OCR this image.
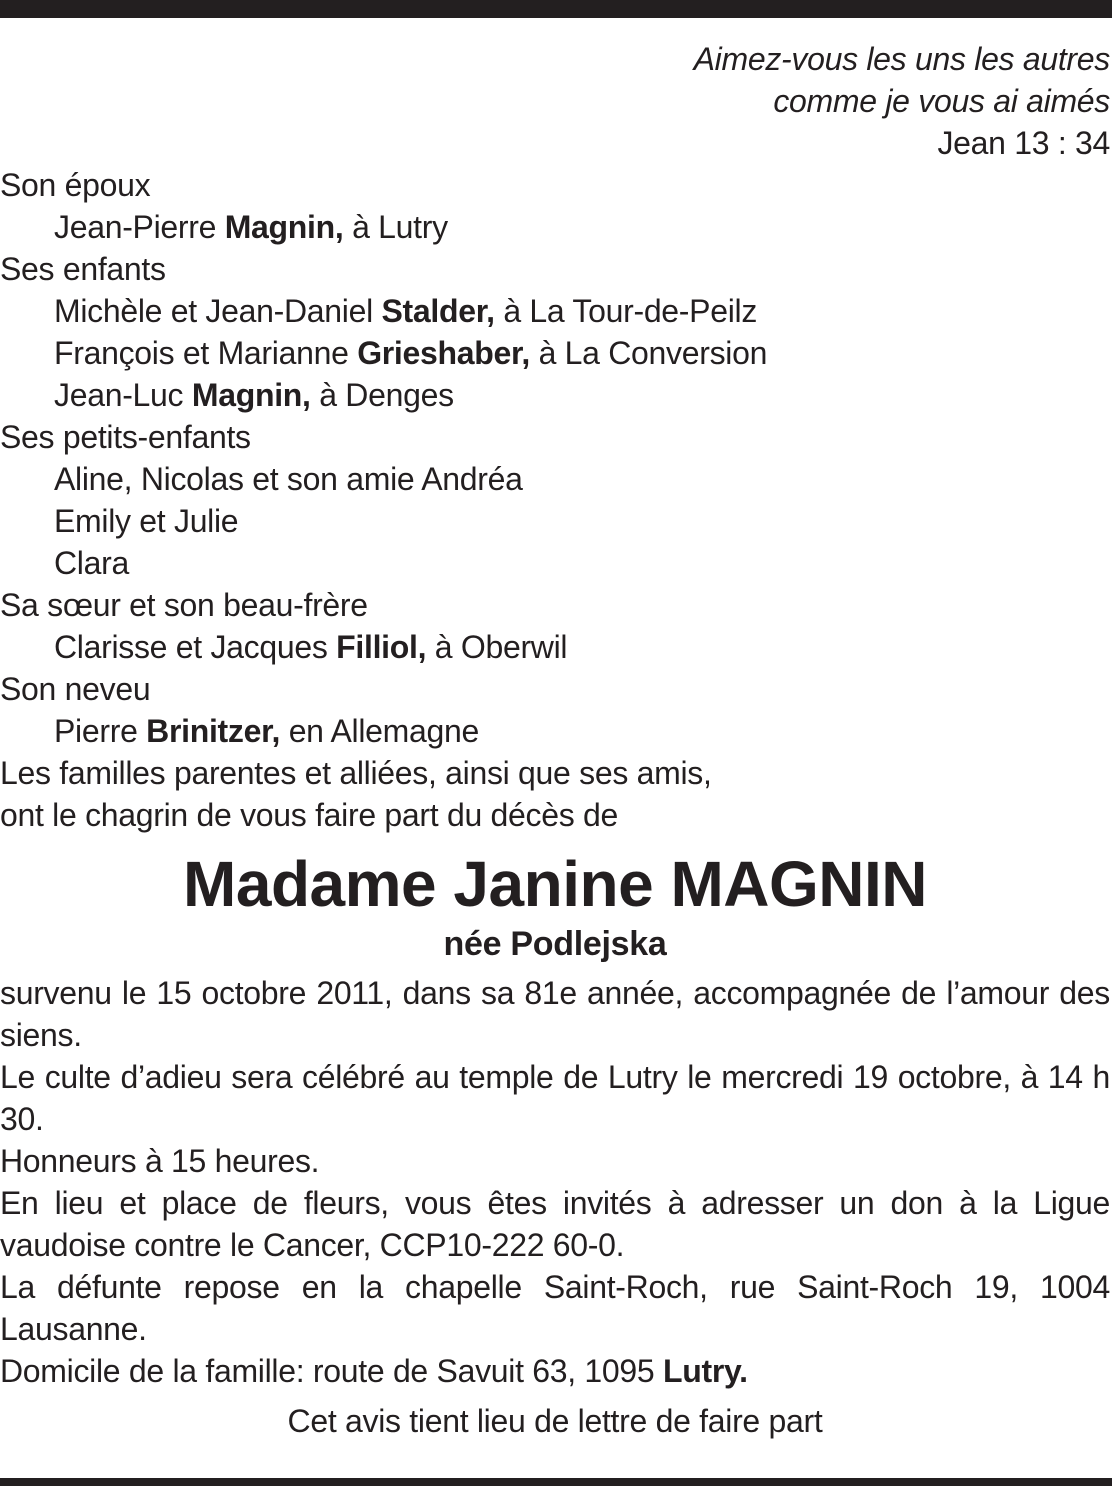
Aimez-vous les uns les autres
comme je vous ai aimés
Jean 13 : 34
Son époux
Jean-Pierre Magnin, à Lutry
Ses enfants
Michèle et Jean-Daniel Stalder, à La Tour-de-Peilz
François et Marianne Grieshaber, à La Conversion
Jean-Luc Magnin, à Denges
Ses petits-enfants
Aline, Nicolas et son amie Andréa
Emily et Julie
Clara
Sa sœur et son beau-frère
Clarisse et Jacques Filliol, à Oberwil
Son neveu
Pierre Brinitzer, en Allemagne
Les familles parentes et alliées, ainsi que ses amis,
ont le chagrin de vous faire part du décès de
Madame Janine MAGNIN
née Podlejska
survenu le 15 octobre 2011, dans sa 81e année, accompagnée de l’amour des siens.
Le culte d’adieu sera célébré au temple de Lutry le mercredi 19 octobre, à 14 h 30.
Honneurs à 15 heures.
En lieu et place de fleurs, vous êtes invités à adresser un don à la Ligue vaudoise contre le Cancer, CCP10-222 60-0.
La défunte repose en la chapelle Saint-Roch, rue Saint-Roch 19, 1004 Lausanne.
Domicile de la famille: route de Savuit 63, 1095 Lutry.
Cet avis tient lieu de lettre de faire part
